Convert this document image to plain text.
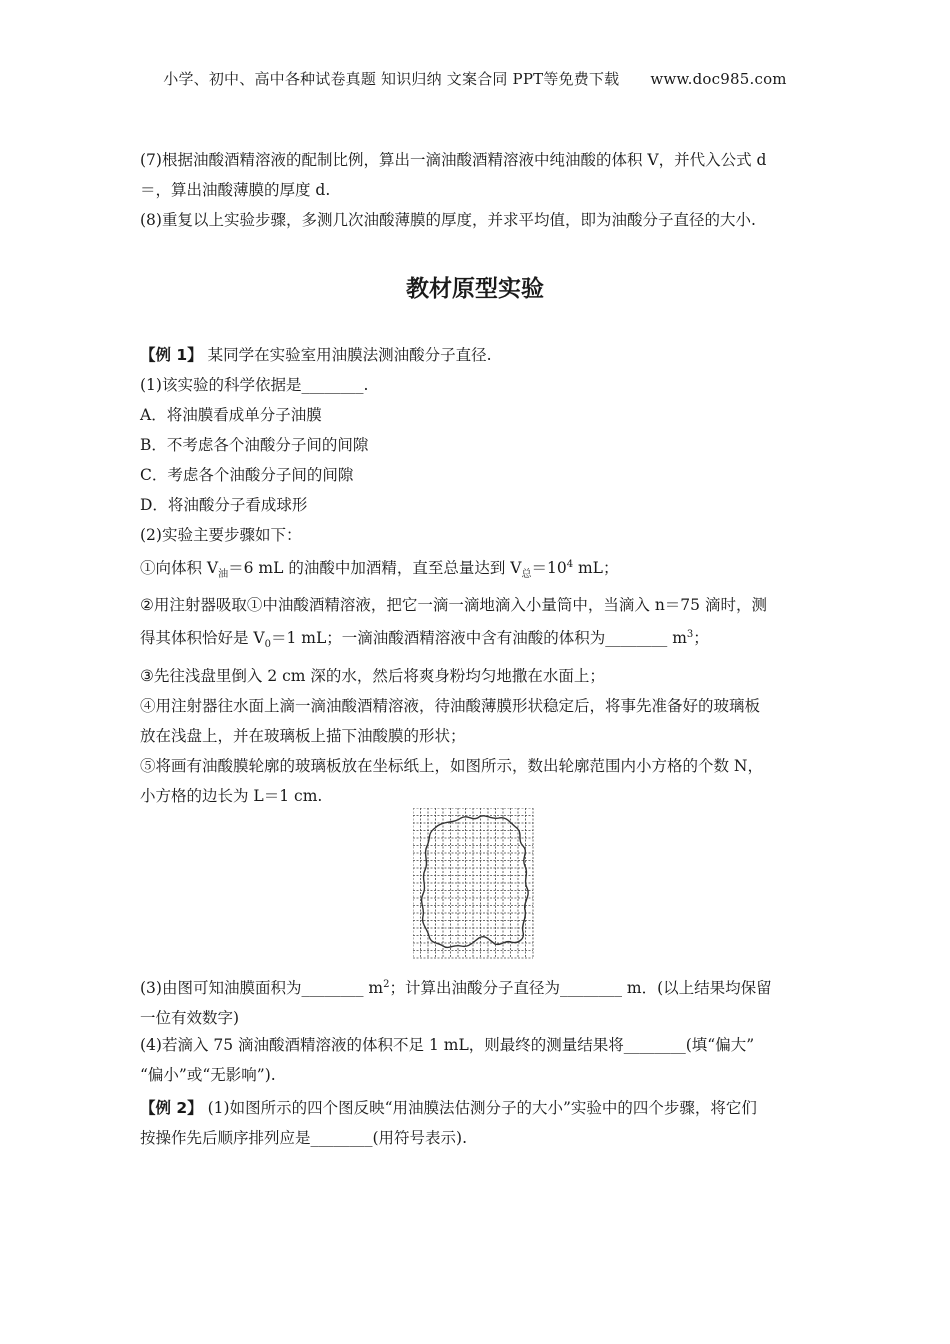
小学、初中、高中各种试卷真题 知识归纳 文案合同 PPT等免费下载 www.doc985.com

(7)根据油酸酒精溶液的配制比例，算出一滴油酸酒精溶液中纯油酸的体积 V，并代入公式 d
＝，算出油酸薄膜的厚度 d.

(8)重复以上实验步骤，多测几次油酸薄膜的厚度，并求平均值，即为油酸分子直径的大小.

教材原型实验

【例 1】 某同学在实验室用油膜法测油酸分子直径.
(1)该实验的科学依据是________.
A．将油膜看成单分子油膜
B．不考虑各个油酸分子间的间隙
C．考虑各个油酸分子间的间隙
D．将油酸分子看成球形
(2)实验主要步骤如下：
①向体积 $V_油=6$ mL 的油酸中加酒精，直至总量达到 $V_总=10^4$ mL；
②用注射器吸取①中油酸酒精溶液，把它一滴一滴地滴入小量筒中，当滴入 n＝75 滴时，测
得其体积恰好是 $V_0=1$ mL；一滴油酸酒精溶液中含有油酸的体积为________ $m^3$；
③先往浅盘里倒入 2 cm 深的水，然后将爽身粉均匀地撒在水面上；
④用注射器往水面上滴一滴油酸酒精溶液，待油酸薄膜形状稳定后，将事先准备好的玻璃板
放在浅盘上，并在玻璃板上描下油酸膜的形状；
⑤将画有油酸膜轮廓的玻璃板放在坐标纸上，如图所示，数出轮廓范围内小方格的个数 N，
小方格的边长为 L＝1 cm.

(3)由图可知油膜面积为________ $m^2$；计算出油酸分子直径为________ m．(以上结果均保留
一位有效数字)

(4)若滴入 75 滴油酸酒精溶液的体积不足 1 mL，则最终的测量结果将________(填“偏大”
“偏小”或“无影响”).

【例 2】 (1)如图所示的四个图反映“用油膜法估测分子的大小”实验中的四个步骤，将它们
按操作先后顺序排列应是________(用符号表示).
